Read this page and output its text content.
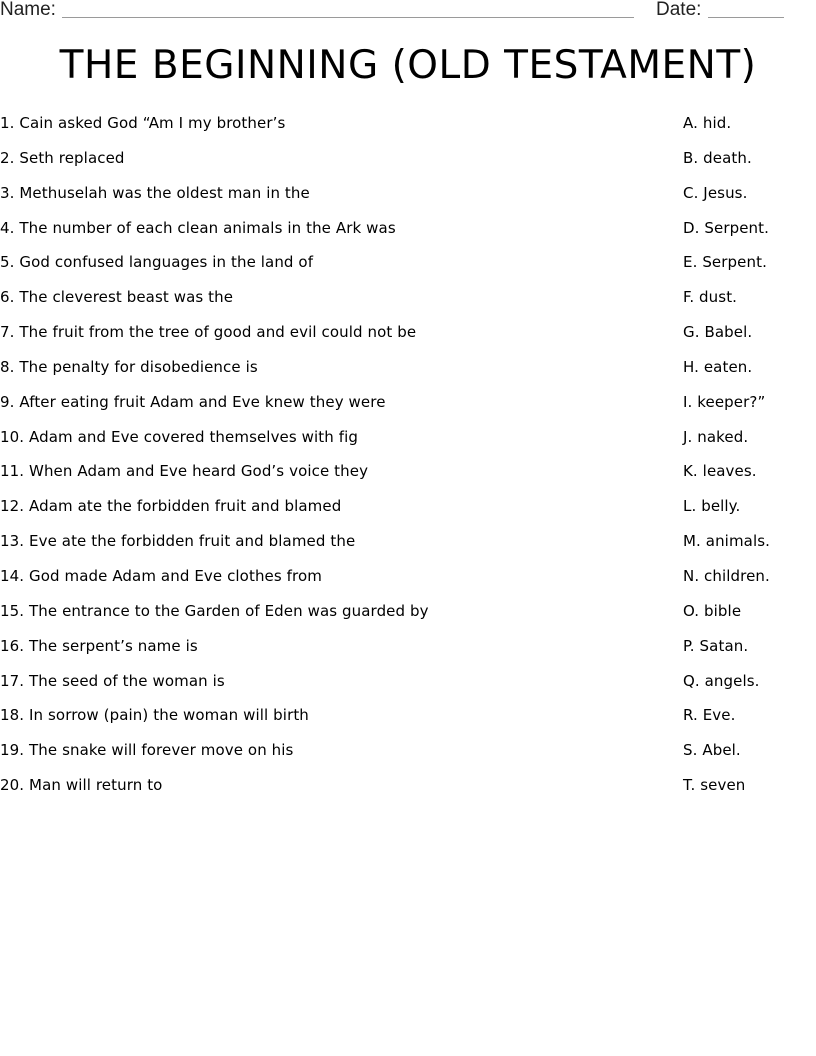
Name:	Date:
THE BEGINNING (OLD TESTAMENT)
1. Cain asked God “Am I my brother’s
2. Seth replaced
3. Methuselah was the oldest man in the
4. The number of each clean animals in the Ark was
5. God confused languages in the land of
6. The cleverest beast was the
7. The fruit from the tree of good and evil could not be
8. The penalty for disobedience is
9. After eating fruit Adam and Eve knew they were
10. Adam and Eve covered themselves with fig
11. When Adam and Eve heard God’s voice they
12. Adam ate the forbidden fruit and blamed
13. Eve ate the forbidden fruit and blamed the
14. God made Adam and Eve clothes from
15. The entrance to the Garden of Eden was guarded by
16. The serpent’s name is
17. The seed of the woman is
18. In sorrow (pain) the woman will birth
19. The snake will forever move on his
20. Man will return to
A. hid.
B. death.
C. Jesus.
D. Serpent.
E. Serpent.
F. dust.
G. Babel.
H. eaten.
I. keeper?”
J. naked.
K. leaves.
L. belly.
M. animals.
N. children.
O. bible
P. Satan.
Q. angels.
R. Eve.
S. Abel.
T. seven
